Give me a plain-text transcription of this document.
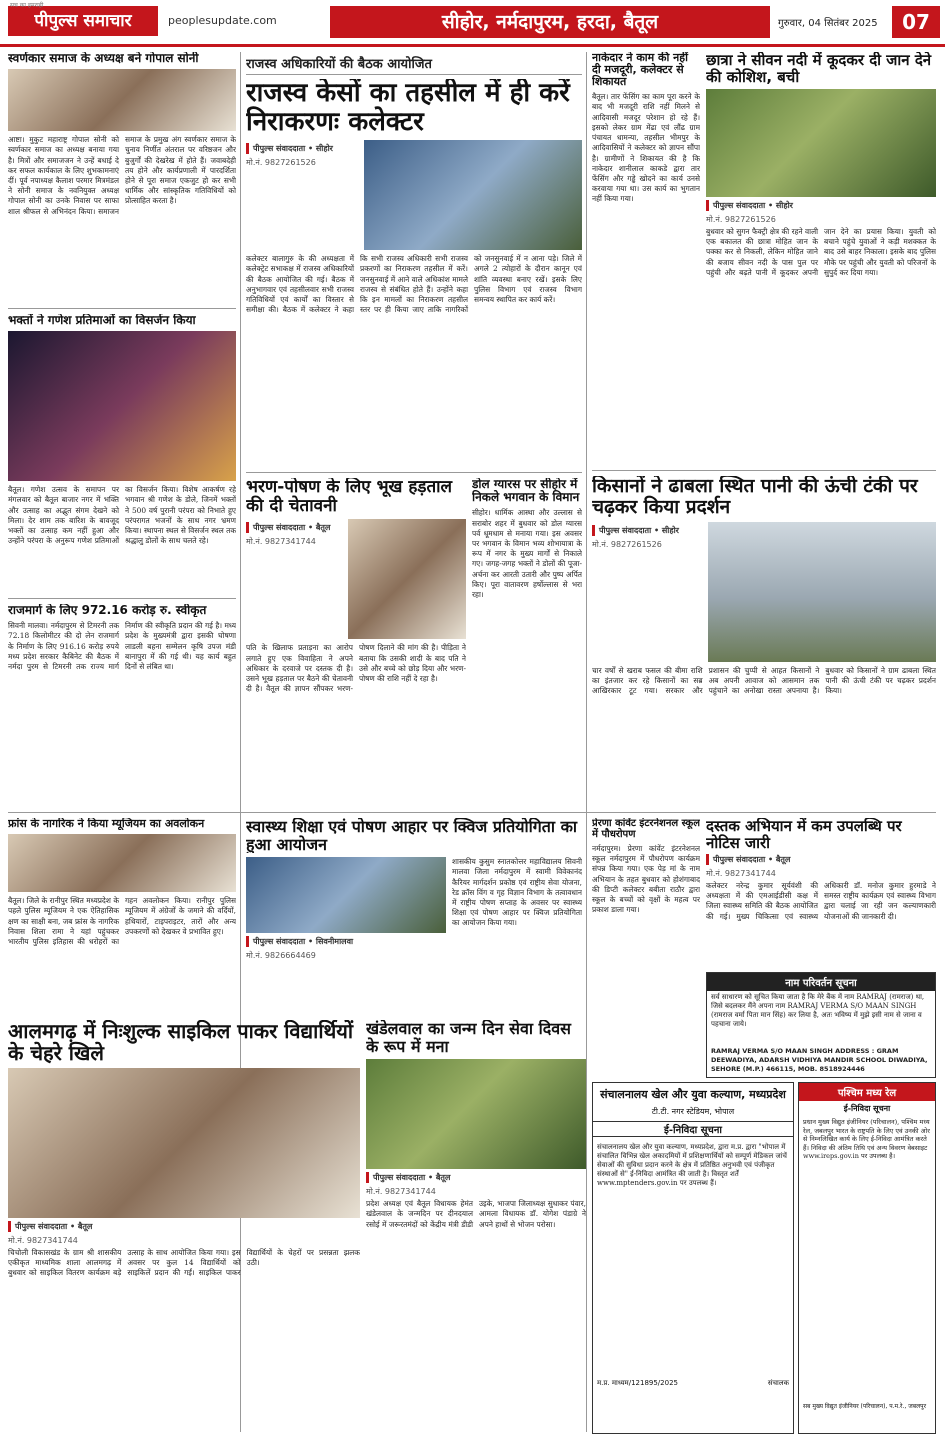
पीपुल्स समाचार
सच का हमराही
peoplesupdate.com	सीहोर, नर्मदापुरम, हरदा, बैतूल	गुरुवार, 04 सितंबर 2025	07
स्वर्णकार समाज के अध्यक्ष बने गोपाल सोनी
आष्टा। मुकुट महाराष्ट्र गोपाल सोनी को स्वर्णकार समाज का अध्यक्ष बनाया गया है। मित्रों और समाजजन ने उन्हें बधाई दे कर सफल कार्यकाल के लिए शुभकामनाएं दीं। पूर्व नपाध्यक्ष कैलाश परमार मित्रमंडल ने सोनी समाज के नवनियुक्त अध्यक्ष गोपाल सोनी का उनके निवास पर साफा शाल श्रीफल से अभिनंदन किया। समाजन समाज के प्रमुख अंग स्वर्णकार समाज के चुनाव निर्णीत अंतराल पर वरिष्ठजन और बुजुर्गों की देखरेख में होते हैं। जवाबदेही तय होने और कार्यप्रणाली में पारदर्शिता होने से पूरा समाज एकजुट हो कर सभी धार्मिक और सांस्कृतिक गतिविधियों को प्रोत्साहित करता है।
भक्तों ने गणेश प्रतिमाओं का विसर्जन किया
बैतूल। गणेश उत्सव के समापन पर मंगलवार को बैतूल बाजार नगर में भक्ति और उत्साह का अद्भुत संगम देखने को मिला। देर शाम तक बारिश के बावजूद भक्तों का उत्साह कम नहीं हुआ और उन्होंने परंपरा के अनुरूप गणेश प्रतिमाओं का विसर्जन किया। विशेष आकर्षण रहे भगवान श्री गणेश के डोले, जिनमें भक्तों ने 500 वर्ष पुरानी परंपरा को निभाते हुए परंपरागत भजनों के साथ नगर भ्रमण किया। स्थापना स्थल से विसर्जन स्थल तक श्रद्धालु डोलों के साथ चलते रहे।
राजमार्ग के लिए 972.16 करोड़ रु. स्वीकृत
सिवनी मालवा। नर्मदापुरम से टिमरनी तक 72.18 किलोमीटर की दो लेन राजमार्ग के निर्माण के लिए 916.16 करोड़ रुपये मध्य प्रदेश सरकार कैबिनेट की बैठक में नर्मदा पुरम से टिमरनी तक राज्य मार्ग निर्माण की स्वीकृति प्रदान की गई है। मध्य प्रदेश के मुख्यमंत्री द्वारा इसकी घोषणा लाडली बहना सम्मेलन कृषि उपज मंडी बानापुरा में की गई थी। यह कार्य बहुत दिनों से लंबित था।
राजस्व अधिकारियों की बैठक आयोजित
राजस्व केसों का तहसील में ही करें निराकरणः कलेक्टर
पीपुल्स संवाददाता • सीहोर
मो.नं. 9827261526
कलेक्टर बालागुरु के की अध्यक्षता में कलेक्ट्रेट सभाकक्ष में राजस्व अधिकारियों की बैठक आयोजित की गई। बैठक में अनुभागवार एवं तहसीलवार सभी राजस्व गतिविधियों एवं कार्यों का विस्तार से समीक्षा की। बैठक में कलेक्टर ने कहा कि सभी राजस्व अधिकारी सभी राजस्व प्रकरणों का निराकरण तहसील में करें। जनसुनवाई में आने वाले अधिकांश मामले राजस्व से संबंधित होते हैं। उन्होंने कहा कि इन मामलों का निराकरण तहसील स्तर पर ही किया जाए ताकि नागरिकों को जनसुनवाई में न आना पड़े। जिले में अगले 2 त्योहारों के दौरान कानून एवं शांति व्यवस्था बनाए रखें। इसके लिए पुलिस विभाग एवं राजस्व विभाग समन्वय स्थापित कर कार्य करें।
भरण-पोषण के लिए भूख हड़ताल की दी चेतावनी
पीपुल्स संवाददाता • बैतूल
मो.नं. 9827341744
पति के खिलाफ प्रताड़ना का आरोप लगाते हुए एक विवाहिता ने अपने अधिकार के दरवाजे पर दस्तक दी है। उसने भूख हड़ताल पर बैठने की चेतावनी दी है। वैतूल की ज्ञापन सौंपकर भरण-पोषण दिलाने की मांग की है। पीड़िता ने बताया कि उसकी शादी के बाद पति ने उसे और बच्चे को छोड़ दिया और भरण-पोषण की राशि नहीं दे रहा है।
डोल ग्यारस पर सीहोर में निकले भगवान के विमान
सीहोर। धार्मिक आस्था और उल्लास से सराबोर शहर में बुधवार को डोल ग्यारस पर्व धूमधाम से मनाया गया। इस अवसर पर भगवान के विमान भव्य शोभायात्रा के रूप में नगर के मुख्य मार्गों से निकाले गए। जगह-जगह भक्तों ने डोलों की पूजा-अर्चना कर आरती उतारी और पुष्प अर्पित किए। पूरा वातावरण हर्षोल्लास से भरा रहा।
नाकेदार ने काम की नहीं दी मजदूरी, कलेक्टर से शिकायत
बैतूल। तार फेंसिंग का काम पूरा करने के बाद भी मजदूरी राशि नहीं मिलने से आदिवासी मजदूर परेशान हो रहे हैं। इसको लेकर ग्राम मेंढा एवं लौंढ ग्राम पंचायत धामन्या, तहसील भीमपुर के आदिवासियों ने कलेक्टर को ज्ञापन सौंपा है। ग्रामीणों ने शिकायत की है कि नाकेदार शानीलाल काकडे द्वारा तार फेंसिंग और गड्ढे खोदने का कार्य उनसे करवाया गया था। उस कार्य का भुगतान नहीं किया गया।
छात्रा ने सीवन नदी में कूदकर दी जान देने की कोशिश, बची
पीपुल्स संवाददाता • सीहोर
मो.नं. 9827261526
बुधवार को सुगन फैक्ट्री क्षेत्र की रहने वाली एक बकालत की छात्रा मोहित जान के पक्का कर से निकली, लेकिन मोहित जाने की बजाय सीवन नदी के पास पुल पर पहुंची और बढ़ते पानी में कूदकर अपनी जान देने का प्रयास किया। युवती को बचाने पहुंचे युवाओं ने कड़ी मशक्कत के बाद उसे बाहर निकाला। इसके बाद पुलिस मौके पर पहुंची और युवती को परिजनों के सुपुर्द कर दिया गया।
किसानों ने ढाबला स्थित पानी की ऊंची टंकी पर चढ़कर किया प्रदर्शन
पीपुल्स संवाददाता • सीहोर
मो.नं. 9827261526
चार वर्षों से खराब फसल की बीमा राशि का इंतजार कर रहे किसानों का सब्र आखिरकार टूट गया। सरकार और प्रशासन की चुप्पी से आहत किसानों ने अब अपनी आवाज को आसमान तक पहुंचाने का अनोखा रास्ता अपनाया है। बुधवार को किसानों ने ग्राम ढाबला स्थित पानी की ऊंची टंकी पर चढ़कर प्रदर्शन किया।
फ्रांस के नागरिक ने किया म्यूजियम का अवलोकन
बैतूल। जिले के रानीपुर स्थित मध्यप्रदेश के पहले पुलिस म्यूजियम ने एक ऐतिहासिक क्षण का साक्षी बना, जब फ्रांस के नागरिक निवास शिला रामा ने यहां पहुंचकर भारतीय पुलिस इतिहास की धरोहरों का गहन अवलोकन किया। रानीपुर पुलिस म्यूजियम में अंग्रेजों के जमाने की वर्दियों, हथियारों, टाइपराइटर, तारों और अन्य उपकरणों को देखकर वे प्रभावित हुए।
स्वास्थ्य शिक्षा एवं पोषण आहार पर क्विज प्रतियोगिता का हुआ आयोजन
शासकीय कुसुम स्नातकोत्तर महाविद्यालय सिवनी मालवा जिला नर्मदापुरम में स्वामी विवेकानंद कैरियर मार्गदर्शन प्रकोष्ठ एवं राष्ट्रीय सेवा योजना, रेड क्रॉस विंग व गृह विज्ञान विभाग के तत्वावधान में राष्ट्रीय पोषण सप्ताह के अवसर पर स्वास्थ्य शिक्षा एवं पोषण आहार पर क्विज प्रतियोगिता का आयोजन किया गया।
पीपुल्स संवाददाता • सिवनीमालवा
मो.नं. 9826664469
प्रेरणा कांवेंट इंटरनेशनल स्कूल में पौधरोपण
नर्मदापुरम। प्रेरणा कांवेंट इंटरनेशनल स्कूल नर्मदापुरम में पौधरोपण कार्यक्रम संपन्न किया गया। एक पेड़ मां के नाम अभियान के तहत बुधवार को होशंगाबाद की डिप्टी कलेक्टर बबीता राठौर द्वारा स्कूल के बच्चों को वृक्षों के महत्व पर प्रकाश डाला गया।
दस्तक अभियान में कम उपलब्धि पर नोटिस जारी
पीपुल्स संवाददाता • बैतूल
मो.नं. 9827341744
कलेक्टर नरेन्द्र कुमार सूर्यवंशी की अध्यक्षता में की एमआईडीसी कक्ष में जिला स्वास्थ्य समिति की बैठक आयोजित की गई। मुख्य चिकित्सा एवं स्वास्थ्य अधिकारी डॉ. मनोज कुमार हुरमाडे ने समस्त राष्ट्रीय कार्यक्रम एवं स्वास्थ्य विभाग द्वारा चलाई जा रही जन कल्याणकारी योजनाओं की जानकारी दी।
नाम परिवर्तन सूचना
सर्व साधारण को सूचित किया जाता है कि मेरे बैंक में नाम RAMRAJ (रामराज) था, जिसे बदलकर मैंने अपना नाम RAMRAJ VERMA S/O MAAN SINGH (रामराज वर्मा पिता मान सिंह) कर लिया है, अतः भविष्य में मुझे इसी नाम से जाना व पहचाना जाये।
RAMRAJ VERMA S/O MAAN SINGH ADDRESS : GRAM DEEWADIYA, ADARSH VIDHIYA MANDIR SCHOOL DIWADIYA, SEHORE (M.P.) 466115, MOB. 8518924446
आलमगढ़ में निःशुल्क साइकिल पाकर विद्यार्थियों के चेहरे खिले
पीपुल्स संवाददाता • बैतूल
मो.नं. 9827341744
चिचोली विकासखंड के ग्राम श्री शासकीय एकीकृत माध्यमिक शाला आलमगढ़ में बुधवार को साइकिल वितरण कार्यक्रम बड़े उत्साह के साथ आयोजित किया गया। इस अवसर पर कुल 14 विद्यार्थियों को साइकिलें प्रदान की गईं। साइकिल पाकर विद्यार्थियों के चेहरों पर प्रसन्नता झलक उठी।
खंडेलवाल का जन्म दिन सेवा दिवस के रूप में मना
पीपुल्स संवाददाता • बैतूल
मो.नं. 9827341744
प्रदेश अध्यक्ष एवं बैतूल विधायक हेमंत खंडेलवाल के जन्मदिन पर दीनदयाल रसोई में जरूरतमंदों को केंद्रीय मंत्री डीडी उइके, भाजपा जिलाध्यक्ष सुधाकर पंवार, आमला विधायक डॉ. योगेश पंडाग्रे ने अपने हाथों से भोजन परोसा।
संचालनालय खेल और युवा कल्याण, मध्यप्रदेश
टी.टी. नगर स्टेडियम, भोपाल
ई-निविदा सूचना
संचालनालय खेल और युवा कल्याण, मध्यप्रदेश, द्वारा म.प्र. द्वारा "भोपाल में संचालित विभिन्न खेल अकादमियों में प्रशिक्षणार्थियों को सम्पूर्ण मेडिकल जांचें सेवाओं की सुविधा प्रदान करने के क्षेत्र में प्रतिष्ठित अनुभवी एवं पंजीकृत संस्थाओं से" ई-निविदा आमंत्रित की जाती है। विस्तृत शर्तें www.mptenders.gov.in पर उपलब्ध हैं।
म.प्र. माध्यम/121895/2025	संचालक
पश्चिम मध्य रेल
ई-निविदा सूचना
प्रधान मुख्य विद्युत इंजीनियर (परिचालन), पश्चिम मध्य रेल, जबलपुर भारत के राष्ट्रपति के लिए एवं उनकी ओर से निम्नलिखित कार्य के लिए ई-निविदा आमंत्रित करते हैं। निविदा की अंतिम तिथि एवं अन्य विवरण वेबसाइट www.ireps.gov.in पर उपलब्ध है।
सब मुख्य विद्युत इंजीनियर (परिचालन), प.म.रे., जबलपुर
